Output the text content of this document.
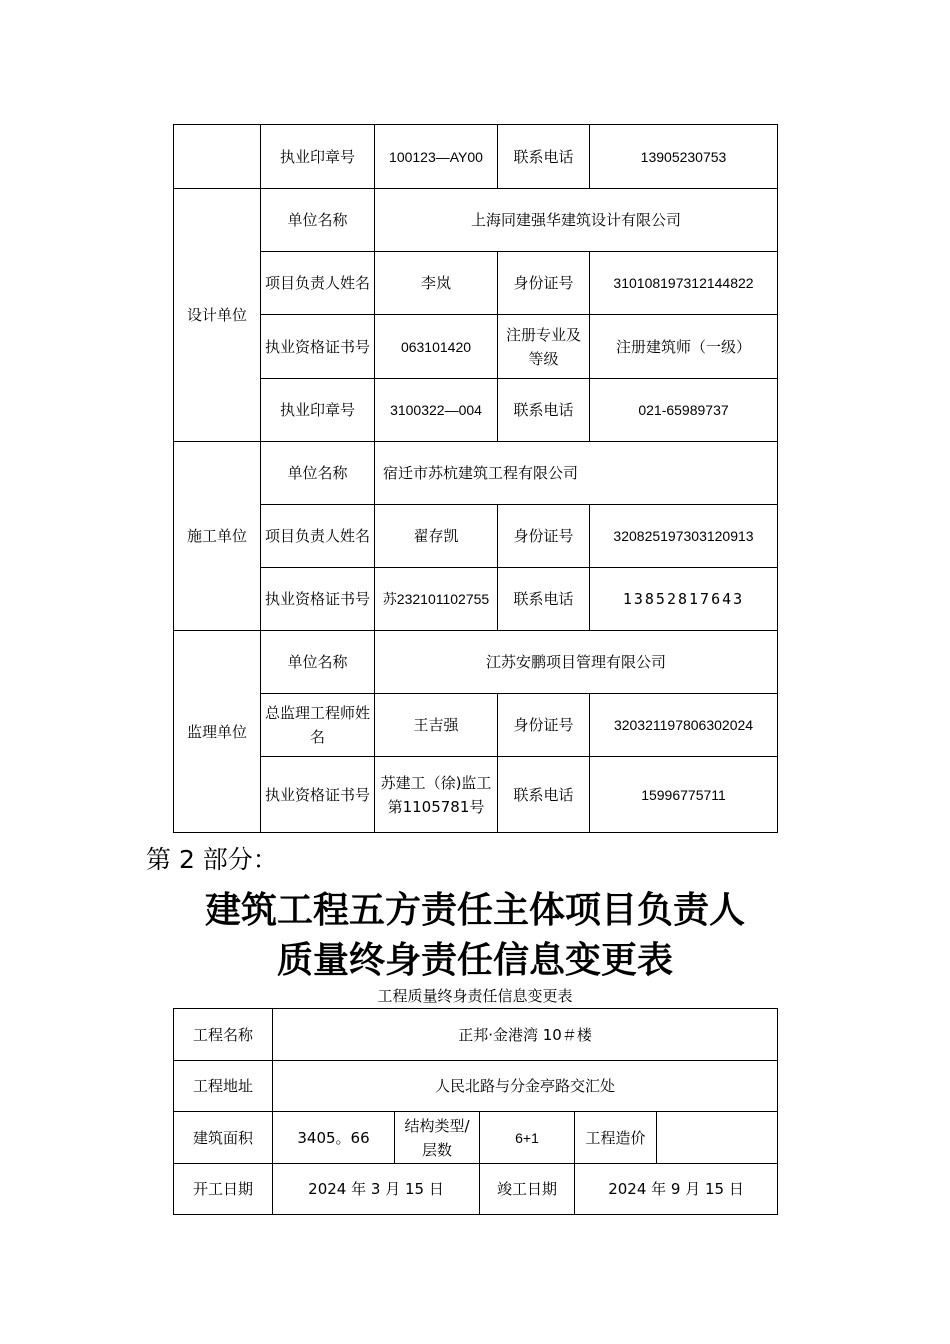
	执业印章号	100123—AY00	联系电话	13905230753
设计单位	单位名称	上海同建强华建筑设计有限公司		
	项目负责人姓名	李岚	身份证号	310108197312144822
	执业资格证书号	063101420	注册专业及等级	注册建筑师（一级）
	执业印章号	3100322—004	联系电话	021-65989737
施工单位	单位名称	宿迁市苏杭建筑工程有限公司		
	项目负责人姓名	翟存凯	身份证号	320825197303120913
	执业资格证书号	苏232101102755	联系电话	13852817643
监理单位	单位名称	江苏安鹏项目管理有限公司		
	总监理工程师姓名	王吉强	身份证号	320321197806302024
	执业资格证书号	苏建工（徐)监工第1105781号	联系电话	15996775711
第 2 部分：
建筑工程五方责任主体项目负责人
质量终身责任信息变更表
工程质量终身责任信息变更表
工程名称	正邦·金港湾 10＃楼				
工程地址	人民北路与分金亭路交汇处				
建筑面积	3405。66	结构类型/层数	6+1	工程造价	
开工日期	2024 年 3 月 15 日		竣工日期	2024 年 9 月 15 日	
